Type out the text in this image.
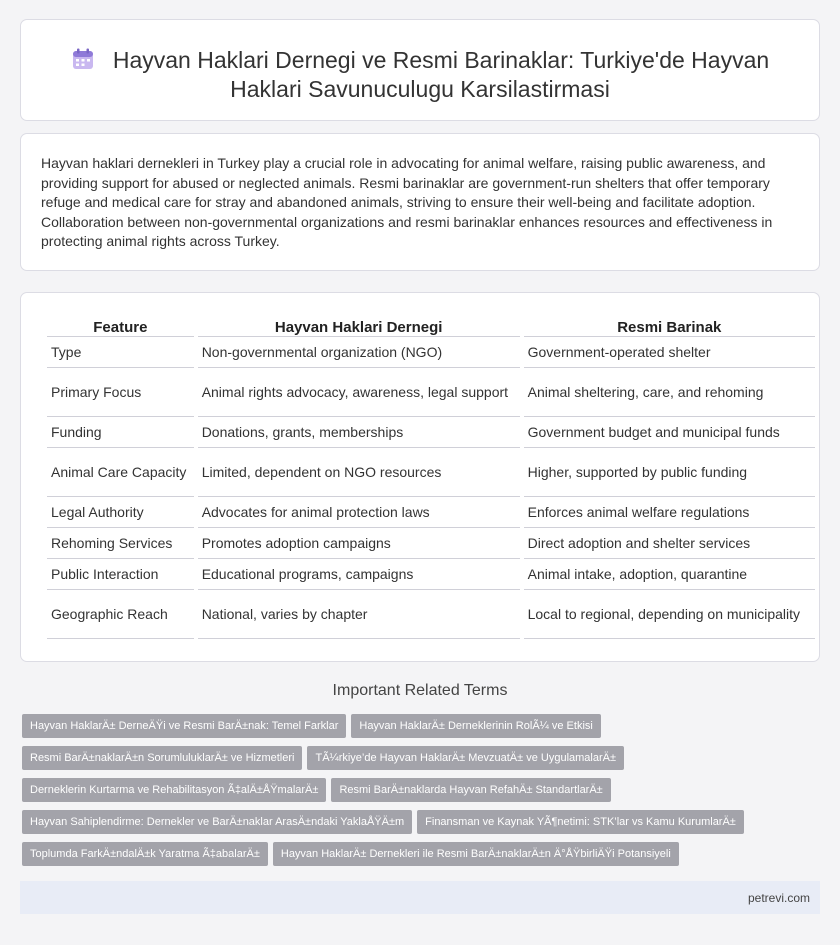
Hayvan Haklari Dernegi ve Resmi Barinaklar: Turkiye'de Hayvan
Haklari Savunuculugu Karsilastirmasi

Hayvan haklari dernekleri in Turkey play a crucial role in advocating for animal welfare, raising public awareness, and providing support for abused or neglected animals. Resmi barinaklar are government-run shelters that offer temporary refuge and medical care for stray and abandoned animals, striving to ensure their well-being and facilitate adoption. Collaboration between non-governmental organizations and resmi barinaklar enhances resources and effectiveness in protecting animal rights across Turkey.

Feature	Hayvan Haklari Dernegi	Resmi Barinak
Type	Non-governmental organization (NGO)	Government-operated shelter
Primary Focus	Animal rights advocacy, awareness, legal support	Animal sheltering, care, and rehoming
Funding	Donations, grants, memberships	Government budget and municipal funds
Animal Care Capacity	Limited, dependent on NGO resources	Higher, supported by public funding
Legal Authority	Advocates for animal protection laws	Enforces animal welfare regulations
Rehoming Services	Promotes adoption campaigns	Direct adoption and shelter services
Public Interaction	Educational programs, campaigns	Animal intake, adoption, quarantine
Geographic Reach	National, varies by chapter	Local to regional, depending on municipality
Important Related Terms
Hayvan HaklarÄ± DerneÄŸi ve Resmi BarÄ±nak: Temel Farklar Hayvan HaklarÄ± Derneklerinin RolÃ¼ ve Etkisi
Resmi BarÄ±naklarÄ±n SorumluluklarÄ± ve Hizmetleri TÃ¼rkiye’de Hayvan HaklarÄ± MevzuatÄ± ve UygulamalarÄ±
Derneklerin Kurtarma ve Rehabilitasyon Ã‡alÄ±ÅŸmalarÄ± Resmi BarÄ±naklarda Hayvan RefahÄ± StandartlarÄ±
Hayvan Sahiplendirme: Dernekler ve BarÄ±naklar ArasÄ±ndaki YaklaÅŸÄ±m Finansman ve Kaynak YÃ¶netimi: STK’lar vs Kamu KurumlarÄ±
Toplumda FarkÄ±ndalÄ±k Yaratma Ã‡abalarÄ± Hayvan HaklarÄ± Dernekleri ile Resmi BarÄ±naklarÄ±n Ä°ÅŸbirliÄŸi Potansiyeli
petrevi.com
